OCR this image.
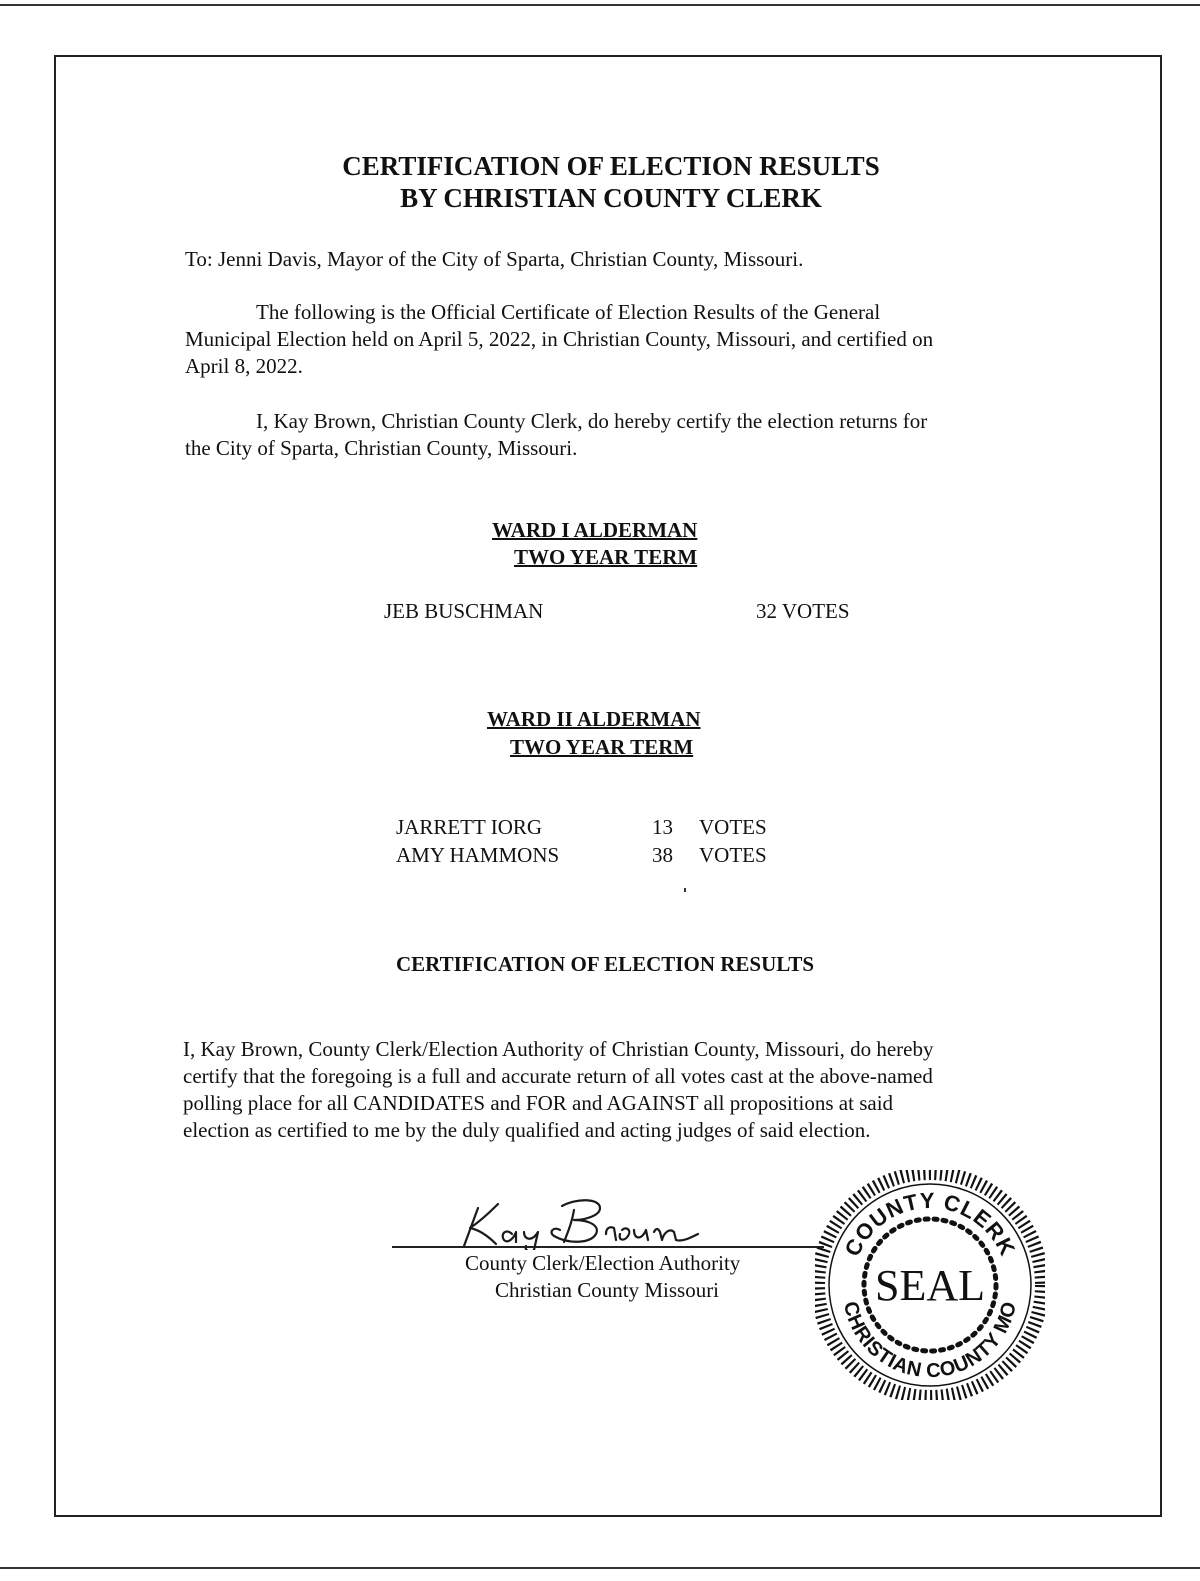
CERTIFICATION OF ELECTION RESULTS
BY CHRISTIAN COUNTY CLERK
To: Jenni Davis, Mayor of the City of Sparta, Christian County, Missouri.
The following is the Official Certificate of Election Results of the General
Municipal Election held on April 5, 2022, in Christian County, Missouri, and certified on
April 8, 2022.
I, Kay Brown, Christian County Clerk, do hereby certify the election returns for
the City of Sparta, Christian County, Missouri.
WARD I ALDERMAN
TWO YEAR TERM
JEB BUSCHMAN	32 VOTES
WARD II ALDERMAN
TWO YEAR TERM
JARRETT IORG	13 VOTES
AMY HAMMONS	38 VOTES
CERTIFICATION OF ELECTION RESULTS
I, Kay Brown, County Clerk/Election Authority of Christian County, Missouri, do hereby
certify that the foregoing is a full and accurate return of all votes cast at the above-named
polling place for all CANDIDATES and FOR and AGAINST all propositions at said
election as certified to me by the duly qualified and acting judges of said election.
Kay Brown
County Clerk/Election Authority
Christian County Missouri
COUNTY CLERK
CHRISTIAN COUNTY MO
SEAL
